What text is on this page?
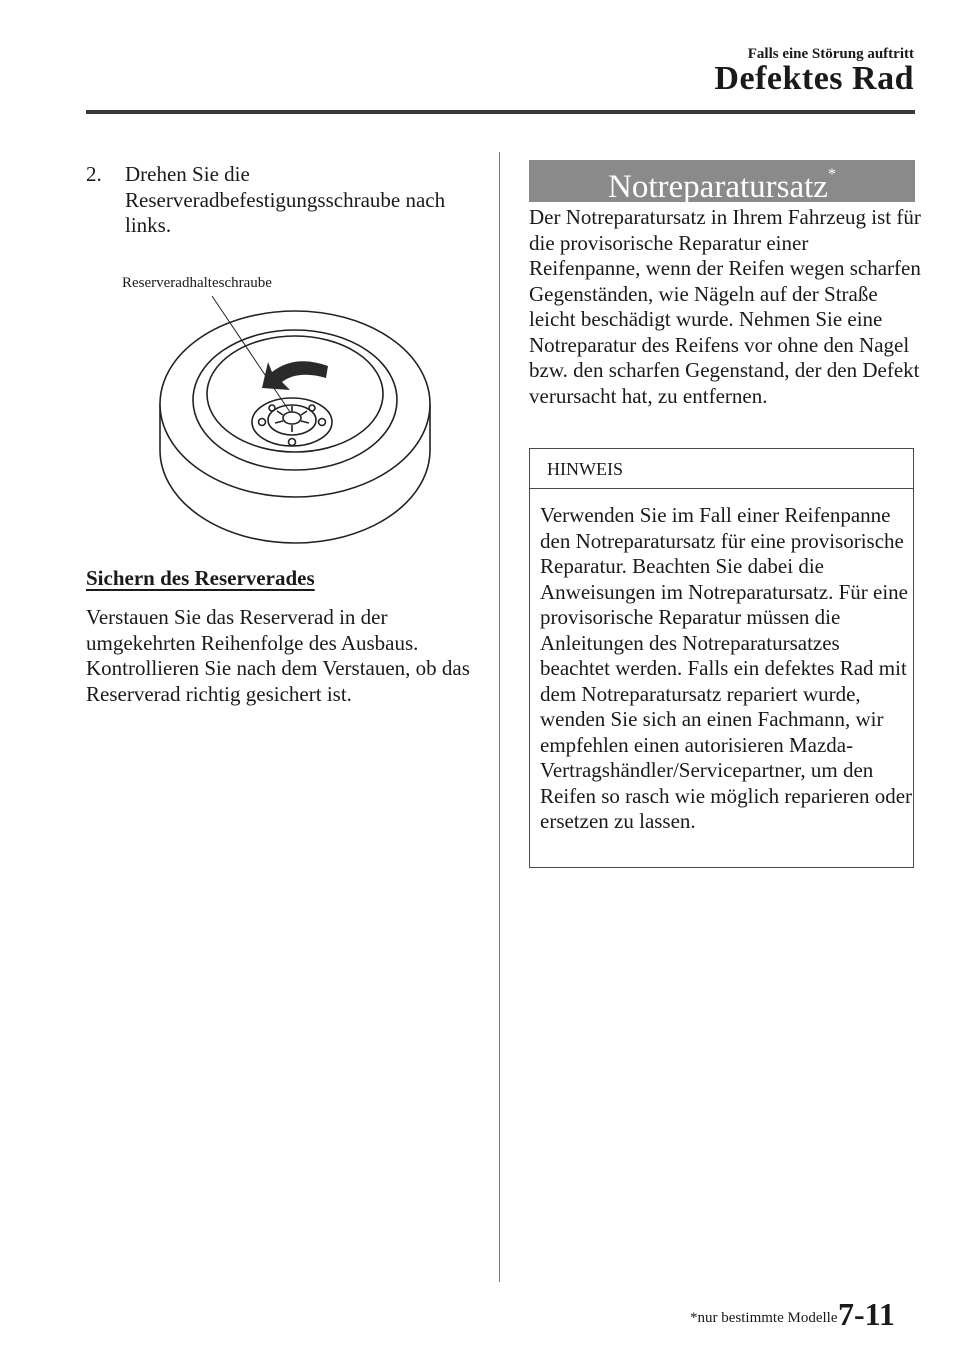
Falls eine Störung auftritt
Defektes Rad
2. Drehen Sie die Reserveradbefestigungsschraube nach links.
Reserveradhalteschraube
Sichern des Reserverades
Verstauen Sie das Reserverad in der umgekehrten Reihenfolge des Ausbaus. Kontrollieren Sie nach dem Verstauen, ob das Reserverad richtig gesichert ist.
Notreparatursatz*
Der Notreparatursatz in Ihrem Fahrzeug ist für die provisorische Reparatur einer Reifenpanne, wenn der Reifen wegen scharfen Gegenständen, wie Nägeln auf der Straße leicht beschädigt wurde. Nehmen Sie eine Notreparatur des Reifens vor ohne den Nagel bzw. den scharfen Gegenstand, der den Defekt verursacht hat, zu entfernen.
HINWEIS
Verwenden Sie im Fall einer Reifenpanne den Notreparatursatz für eine provisorische Reparatur. Beachten Sie dabei die Anweisungen im Notreparatursatz. Für eine provisorische Reparatur müssen die Anleitungen des Notreparatursatzes beachtet werden. Falls ein defektes Rad mit dem Notreparatursatz repariert wurde, wenden Sie sich an einen Fachmann, wir empfehlen einen autorisieren Mazda-Vertragshändler/Servicepartner, um den Reifen so rasch wie möglich reparieren oder ersetzen zu lassen.
*nur bestimmte Modelle 7-11
